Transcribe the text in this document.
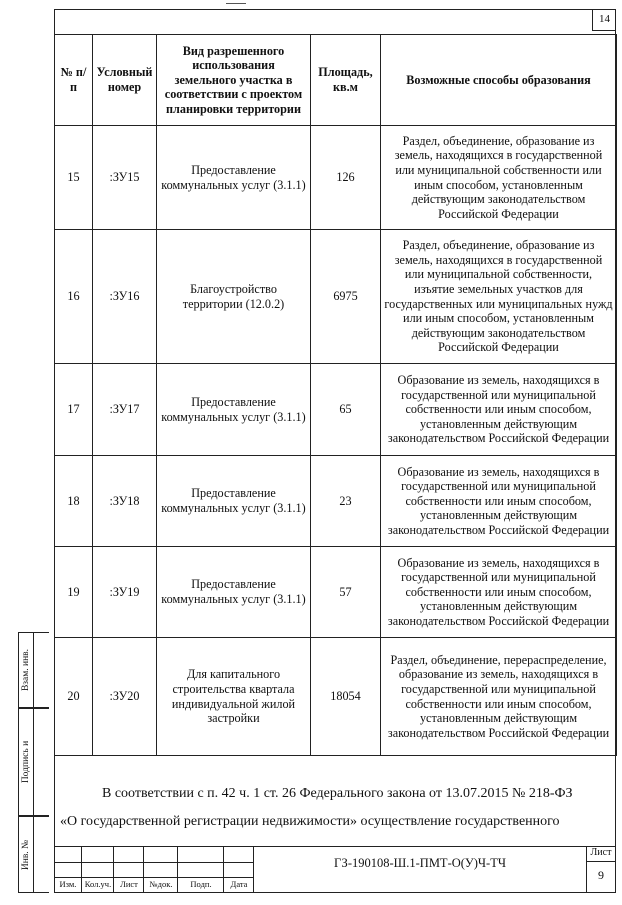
14
№ п/п	Условный номер	Вид разрешенного использования земельного участка в соответствии с проектом планировки территории	Площадь, кв.м	Возможные способы образования
15	:ЗУ15	Предоставление коммунальных услуг (3.1.1)	126	Раздел, объединение, образование из земель, находящихся в государственной или муниципальной собственности или иным способом, установленным действующим законодательством Российской Федерации
16	:ЗУ16	Благоустройство территории (12.0.2)	6975	Раздел, объединение, образование из земель, находящихся в государственной или муниципальной собственности, изъятие земельных участков для государственных или муниципальных нужд или иным способом, установленным действующим законодательством Российской Федерации
17	:ЗУ17	Предоставление коммунальных услуг (3.1.1)	65	Образование из земель, находящихся в государственной или муниципальной собственности или иным способом, установленным действующим законодательством Российской Федерации
18	:ЗУ18	Предоставление коммунальных услуг (3.1.1)	23	Образование из земель, находящихся в государственной или муниципальной собственности или иным способом, установленным действующим законодательством Российской Федерации
19	:ЗУ19	Предоставление коммунальных услуг (3.1.1)	57	Образование из земель, находящихся в государственной или муниципальной собственности или иным способом, установленным действующим законодательством Российской Федерации
20	:ЗУ20	Для капитального строительства квартала индивидуальной жилой застройки	18054	Раздел, объединение, перераспределение, образование из земель, находящихся в государственной или муниципальной собственности или иным способом, установленным действующим законодательством Российской Федерации
В соответствии с п. 42 ч. 1 ст. 26 Федерального закона от 13.07.2015 № 218-ФЗ
«О государственной регистрации недвижимости» осуществление государственного
Взам. инв.
Подпись и
Инв. №
Изм. Кол.уч.	Лист	№док.	Подп.	Дата
ГЗ-190108-Ш.1-ПМТ-О(У)Ч-ТЧ
Лист
9
